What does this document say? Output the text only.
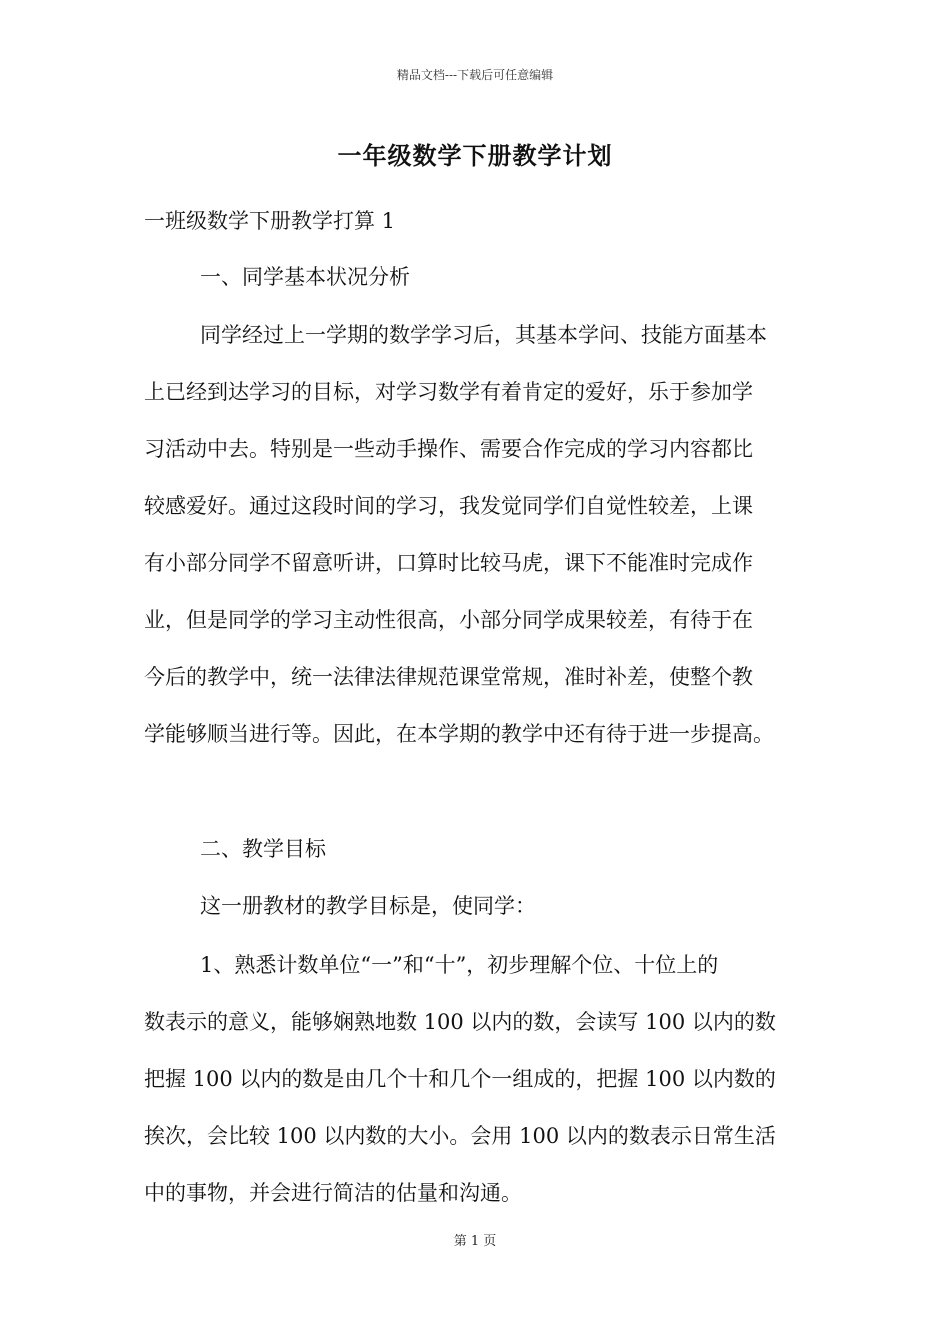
精品文档---下载后可任意编辑
一年级数学下册教学计划
一班级数学下册教学打算 1
一、同学基本状况分析
同学经过上一学期的数学学习后，其基本学问、技能方面基本
上已经到达学习的目标，对学习数学有着肯定的爱好，乐于参加学
习活动中去。特别是一些动手操作、需要合作完成的学习内容都比
较感爱好。通过这段时间的学习，我发觉同学们自觉性较差，上课
有小部分同学不留意听讲，口算时比较马虎，课下不能准时完成作
业，但是同学的学习主动性很高，小部分同学成果较差，有待于在
今后的教学中，统一法律法律规范课堂常规，准时补差，使整个教
学能够顺当进行等。因此，在本学期的教学中还有待于进一步提高。
二、教学目标
这一册教材的教学目标是，使同学：
1、熟悉计数单位“一”和“十”，初步理解个位、十位上的
数表示的意义，能够娴熟地数 100 以内的数，会读写 100 以内的数
把握 100 以内的数是由几个十和几个一组成的，把握 100 以内数的
挨次，会比较 100 以内数的大小。会用 100 以内的数表示日常生活
中的事物，并会进行简洁的估量和沟通。
第 1 页
